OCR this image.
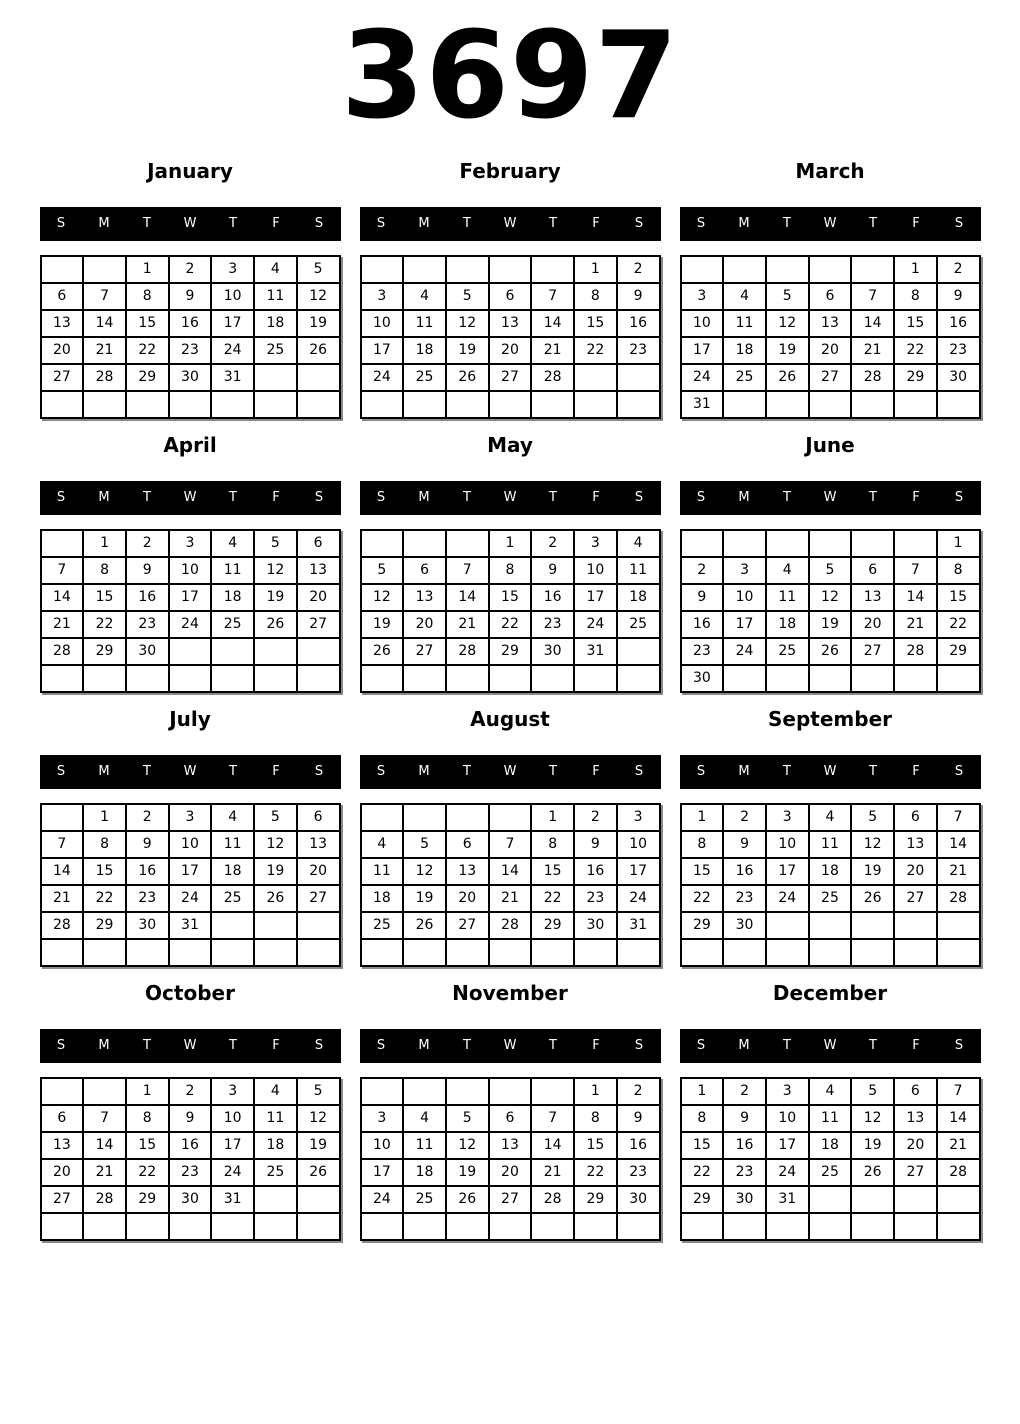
3697
January
S	M	T	W	T	F	S
		1	2	3	4	5
6	7	8	9	10	11	12
13	14	15	16	17	18	19
20	21	22	23	24	25	26
27	28	29	30	31		

February
S	M	T	W	T	F	S
					1	2
3	4	5	6	7	8	9
10	11	12	13	14	15	16
17	18	19	20	21	22	23
24	25	26	27	28		

March
S	M	T	W	T	F	S
					1	2
3	4	5	6	7	8	9
10	11	12	13	14	15	16
17	18	19	20	21	22	23
24	25	26	27	28	29	30
31						
April
S	M	T	W	T	F	S
	1	2	3	4	5	6
7	8	9	10	11	12	13
14	15	16	17	18	19	20
21	22	23	24	25	26	27
28	29	30				

May
S	M	T	W	T	F	S
			1	2	3	4
5	6	7	8	9	10	11
12	13	14	15	16	17	18
19	20	21	22	23	24	25
26	27	28	29	30	31	

June
S	M	T	W	T	F	S
						1
2	3	4	5	6	7	8
9	10	11	12	13	14	15
16	17	18	19	20	21	22
23	24	25	26	27	28	29
30						
July
S	M	T	W	T	F	S
	1	2	3	4	5	6
7	8	9	10	11	12	13
14	15	16	17	18	19	20
21	22	23	24	25	26	27
28	29	30	31			

August
S	M	T	W	T	F	S
				1	2	3
4	5	6	7	8	9	10
11	12	13	14	15	16	17
18	19	20	21	22	23	24
25	26	27	28	29	30	31

September
S	M	T	W	T	F	S
1	2	3	4	5	6	7
8	9	10	11	12	13	14
15	16	17	18	19	20	21
22	23	24	25	26	27	28
29	30					

October
S	M	T	W	T	F	S
		1	2	3	4	5
6	7	8	9	10	11	12
13	14	15	16	17	18	19
20	21	22	23	24	25	26
27	28	29	30	31		

November
S	M	T	W	T	F	S
					1	2
3	4	5	6	7	8	9
10	11	12	13	14	15	16
17	18	19	20	21	22	23
24	25	26	27	28	29	30

December
S	M	T	W	T	F	S
1	2	3	4	5	6	7
8	9	10	11	12	13	14
15	16	17	18	19	20	21
22	23	24	25	26	27	28
29	30	31				
